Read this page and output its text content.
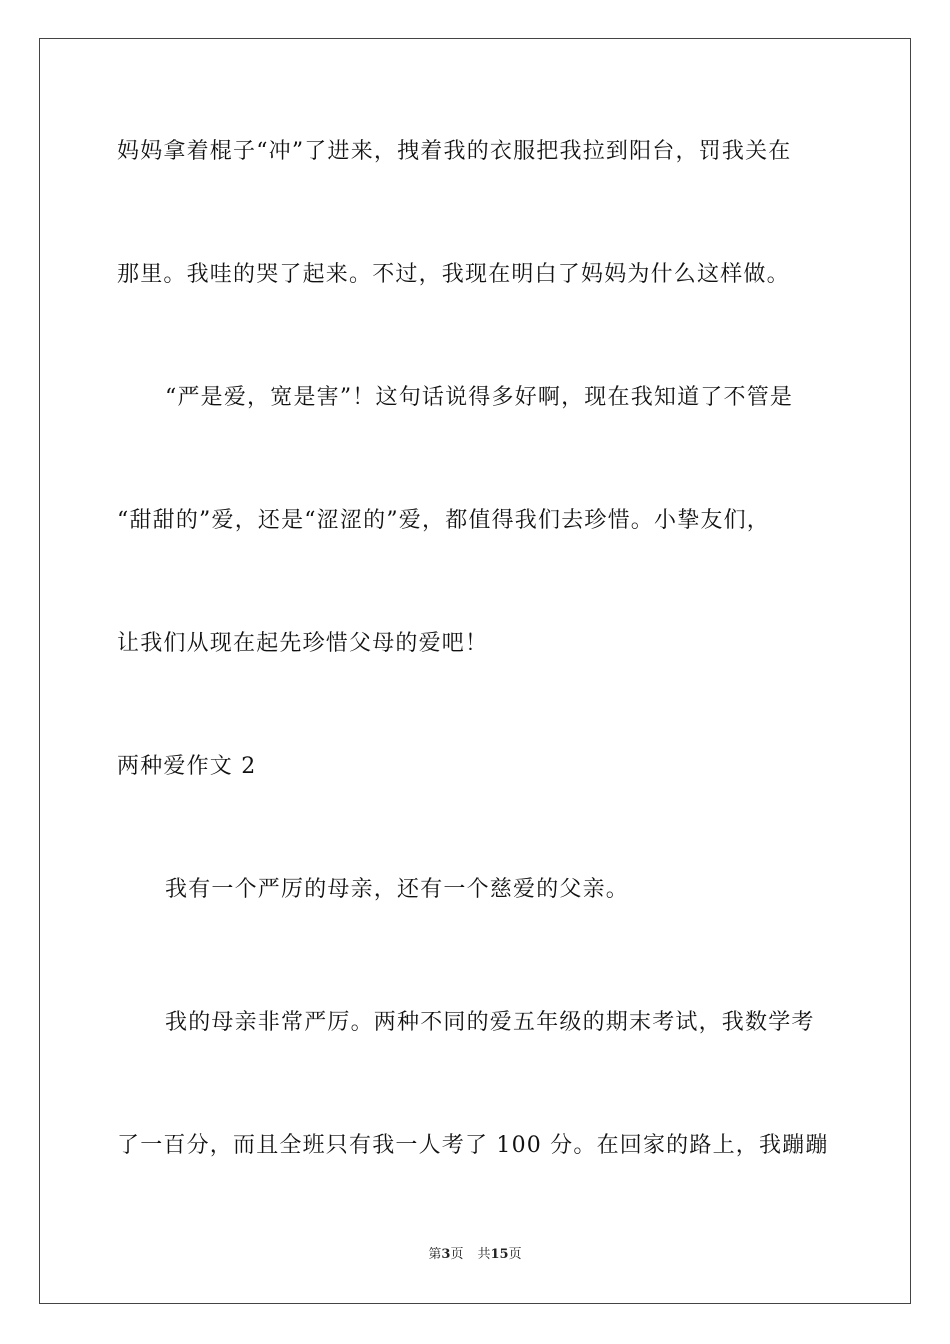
妈妈拿着棍子“冲”了进来，拽着我的衣服把我拉到阳台，罚我关在
那里。我哇的哭了起来。不过，我现在明白了妈妈为什么这样做。
“严是爱，宽是害”！这句话说得多好啊，现在我知道了不管是
“甜甜的”爱，还是“涩涩的”爱，都值得我们去珍惜。小挚友们，
让我们从现在起先珍惜父母的爱吧！
两种爱作文 2
我有一个严厉的母亲，还有一个慈爱的父亲。
我的母亲非常严厉。两种不同的爱五年级的期末考试，我数学考
了一百分，而且全班只有我一人考了 100 分。在回家的路上，我蹦蹦
第3页 共15页
